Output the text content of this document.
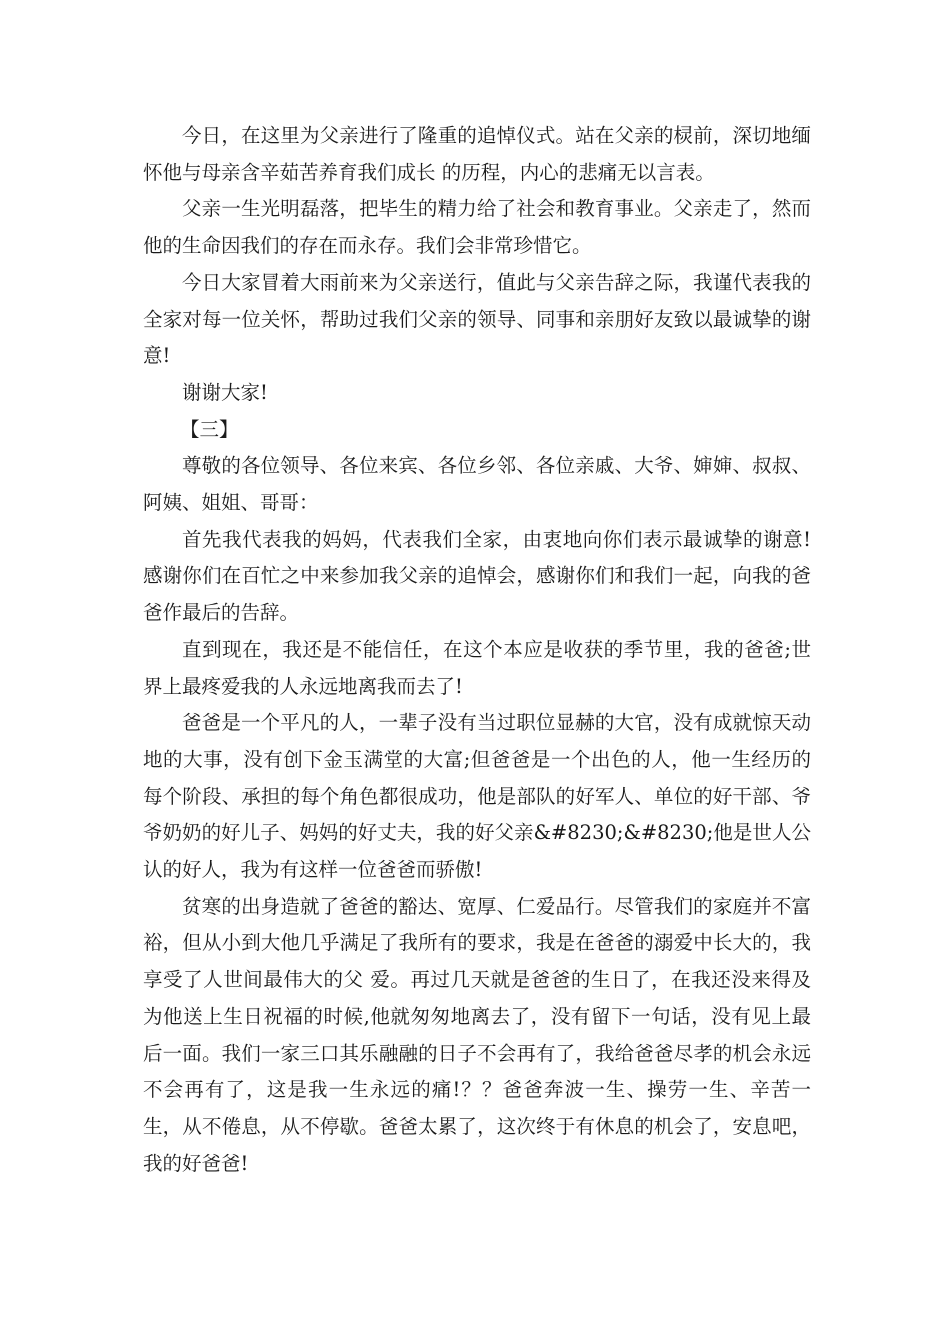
今日，在这里为父亲进行了隆重的追悼仪式。站在父亲的棂前，深切地缅怀他与母亲含辛茹苦养育我们成长 的历程，内心的悲痛无以言表。

父亲一生光明磊落，把毕生的精力给了社会和教育事业。父亲走了，然而他的生命因我们的存在而永存。我们会非常珍惜它。

今日大家冒着大雨前来为父亲送行，值此与父亲告辞之际，我谨代表我的全家对每一位关怀，帮助过我们父亲的领导、同事和亲朋好友致以最诚挚的谢意!

谢谢大家!

【三】

尊敬的各位领导、各位来宾、各位乡邻、各位亲戚、大爷、婶婶、叔叔、阿姨、姐姐、哥哥：

首先我代表我的妈妈，代表我们全家，由衷地向你们表示最诚挚的谢意!感谢你们在百忙之中来参加我父亲的追悼会，感谢你们和我们一起，向我的爸爸作最后的告辞。

直到现在，我还是不能信任，在这个本应是收获的季节里，我的爸爸;世界上最疼爱我的人永远地离我而去了!

爸爸是一个平凡的人，一辈子没有当过职位显赫的大官，没有成就惊天动地的大事，没有创下金玉满堂的大富;但爸爸是一个出色的人，他一生经历的每个阶段、承担的每个角色都很成功，他是部队的好军人、单位的好干部、爷爷奶奶的好儿子、妈妈的好丈夫，我的好父亲&#8230;&#8230;他是世人公认的好人，我为有这样一位爸爸而骄傲!

贫寒的出身造就了爸爸的豁达、宽厚、仁爱品行。尽管我们的家庭并不富裕，但从小到大他几乎满足了我所有的要求，我是在爸爸的溺爱中长大的，我享受了人世间最伟大的父 爱。再过几天就是爸爸的生日了，在我还没来得及为他送上生日祝福的时候,他就匆匆地离去了，没有留下一句话，没有见上最后一面。我们一家三口其乐融融的日子不会再有了，我给爸爸尽孝的机会永远不会再有了，这是我一生永远的痛!？？爸爸奔波一生、操劳一生、辛苦一生，从不倦息，从不停歇。爸爸太累了，这次终于有休息的机会了，安息吧，我的好爸爸!
